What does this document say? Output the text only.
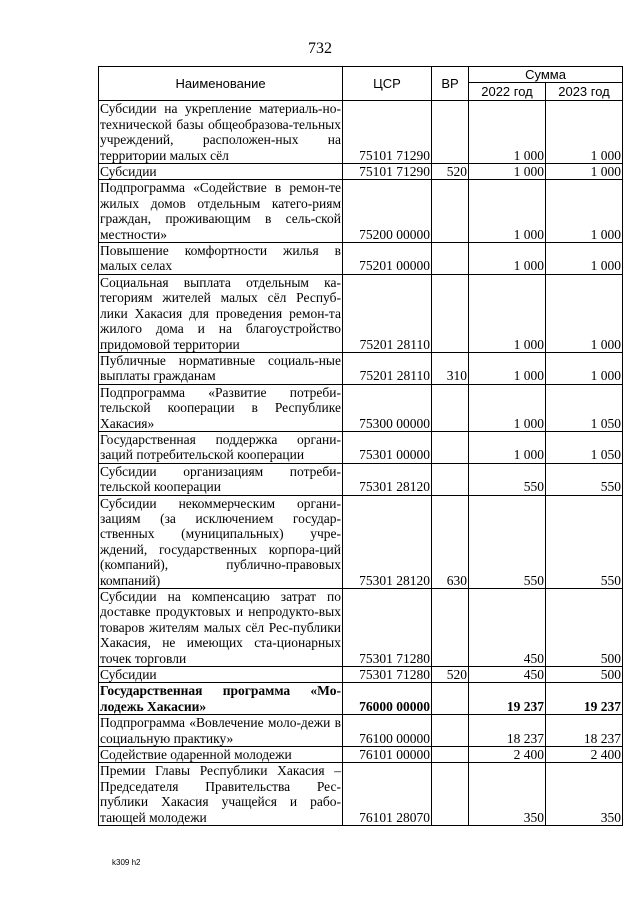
732
Наименование	ЦСР	ВР	Сумма	
			2022 год	2023 год
Субсидии на укрепление материаль-но-технической базы общеобразова-тельных учреждений, расположен-ных на территории малых сёл	75101 71290		1 000	1 000
Субсидии	75101 71290	520	1 000	1 000
Подпрограмма «Содействие в ремон-те жилых домов отдельным катего-риям граждан, проживающим в сель-ской местности»	75200 00000		1 000	1 000
Повышение комфортности жилья в малых селах	75201 00000		1 000	1 000
Социальная выплата отдельным ка-тегориям жителей малых сёл Респуб-лики Хакасия для проведения ремон-та жилого дома и на благоустройство придомовой территории	75201 28110		1 000	1 000
Публичные нормативные социаль-ные выплаты гражданам	75201 28110	310	1 000	1 000
Подпрограмма «Развитие потреби-тельской кооперации в Республике Хакасия»	75300 00000		1 000	1 050
Государственная поддержка органи-заций потребительской кооперации	75301 00000		1 000	1 050
Субсидии организациям потреби-тельской кооперации	75301 28120		550	550
Субсидии некоммерческим органи-зациям (за исключением государ-ственных (муниципальных) учре-ждений, государственных корпора-ций (компаний), публично-правовых компаний)	75301 28120	630	550	550
Субсидии на компенсацию затрат по доставке продуктовых и непродукто-вых товаров жителям малых сёл Рес-публики Хакасия, не имеющих ста-ционарных точек торговли	75301 71280		450	500
Субсидии	75301 71280	520	450	500
Государственная программа «Мо-лодежь Хакасии»	76000 00000		19 237	19 237
Подпрограмма «Вовлечение моло-дежи в социальную практику»	76100 00000		18 237	18 237
Содействие одаренной молодежи	76101 00000		2 400	2 400
Премии Главы Республики Хакасия – Председателя Правительства Рес-публики Хакасия учащейся и рабо-тающей молодежи	76101 28070		350	350
k309 h2
